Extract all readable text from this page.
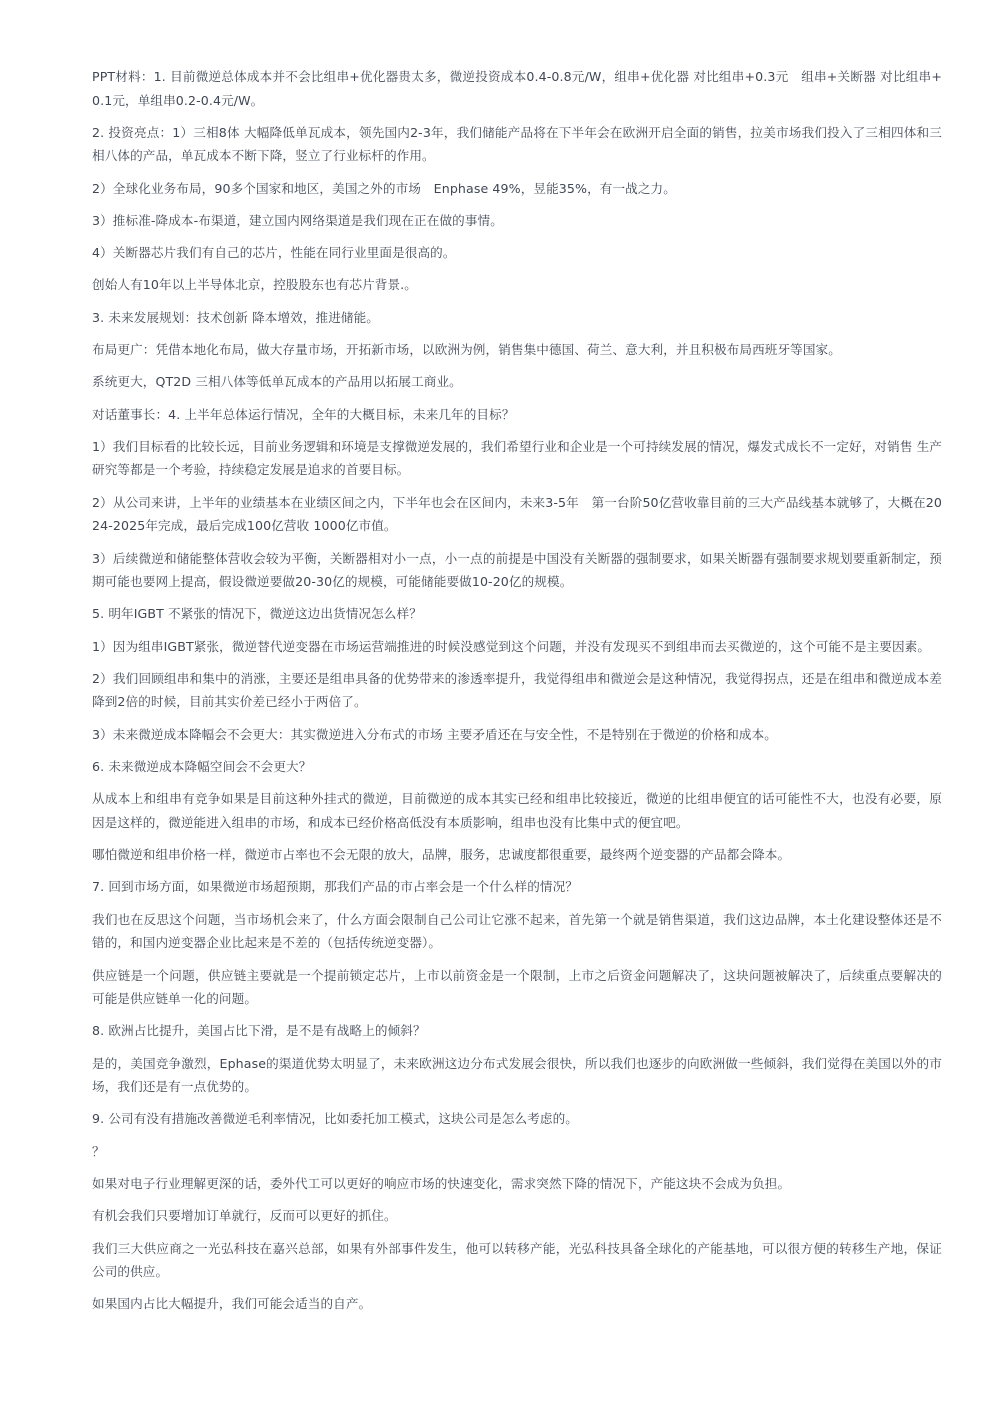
PPT材料：1. 目前微逆总体成本并不会比组串+优化器贵太多，微逆投资成本0.4-0.8元/W，组串+优化器 对比组串+0.3元　组串+关断器 对比组串+0.1元，单组串0.2-0.4元/W。

2. 投资亮点：1）三相8体 大幅降低单瓦成本，领先国内2-3年，我们储能产品将在下半年会在欧洲开启全面的销售，拉美市场我们投入了三相四体和三相八体的产品，单瓦成本不断下降，竖立了行业标杆的作用。

2）全球化业务布局，90多个国家和地区，美国之外的市场　Enphase 49%，昱能35%，有一战之力。

3）推标准-降成本-布渠道，建立国内网络渠道是我们现在正在做的事情。

4）关断器芯片我们有自己的芯片，性能在同行业里面是很高的。

创始人有10年以上半导体北京，控股股东也有芯片背景.。

3. 未来发展规划：技术创新 降本增效，推进储能。

布局更广：凭借本地化布局，做大存量市场，开拓新市场，以欧洲为例，销售集中德国、荷兰、意大利，并且积极布局西班牙等国家。

系统更大，QT2D 三相八体等低单瓦成本的产品用以拓展工商业。

对话董事长：4. 上半年总体运行情况，全年的大概目标，未来几年的目标？

1）我们目标看的比较长远，目前业务逻辑和环境是支撑微逆发展的，我们希望行业和企业是一个可持续发展的情况，爆发式成长不一定好，对销售 生产 研究等都是一个考验，持续稳定发展是追求的首要目标。

2）从公司来讲，上半年的业绩基本在业绩区间之内，下半年也会在区间内，未来3-5年　第一台阶50亿营收靠目前的三大产品线基本就够了，大概在2024-2025年完成，最后完成100亿营收 1000亿市值。

3）后续微逆和储能整体营收会较为平衡，关断器相对小一点，小一点的前提是中国没有关断器的强制要求，如果关断器有强制要求规划要重新制定，预期可能也要网上提高，假设微逆要做20-30亿的规模，可能储能要做10-20亿的规模。

5. 明年IGBT 不紧张的情况下，微逆这边出货情况怎么样？

1）因为组串IGBT紧张，微逆替代逆变器在市场运营端推进的时候没感觉到这个问题，并没有发现买不到组串而去买微逆的，这个可能不是主要因素。

2）我们回顾组串和集中的消涨，主要还是组串具备的优势带来的渗透率提升，我觉得组串和微逆会是这种情况，我觉得拐点，还是在组串和微逆成本差降到2倍的时候，目前其实价差已经小于两倍了。

3）未来微逆成本降幅会不会更大：其实微逆进入分布式的市场 主要矛盾还在与安全性，不是特别在于微逆的价格和成本。

6. 未来微逆成本降幅空间会不会更大？

从成本上和组串有竞争如果是目前这种外挂式的微逆，目前微逆的成本其实已经和组串比较接近，微逆的比组串便宜的话可能性不大，也没有必要，原因是这样的，微逆能进入组串的市场，和成本已经价格高低没有本质影响，组串也没有比集中式的便宜吧。

哪怕微逆和组串价格一样，微逆市占率也不会无限的放大，品牌，服务，忠诚度都很重要，最终两个逆变器的产品都会降本。

7. 回到市场方面，如果微逆市场超预期，那我们产品的市占率会是一个什么样的情况？

我们也在反思这个问题，当市场机会来了，什么方面会限制自己公司让它涨不起来，首先第一个就是销售渠道，我们这边品牌，本土化建设整体还是不错的，和国内逆变器企业比起来是不差的（包括传统逆变器）。

供应链是一个问题，供应链主要就是一个提前锁定芯片，上市以前资金是一个限制，上市之后资金问题解决了，这块问题被解决了，后续重点要解决的可能是供应链单一化的问题。

8. 欧洲占比提升，美国占比下滑，是不是有战略上的倾斜？

是的，美国竞争激烈，Ephase的渠道优势太明显了，未来欧洲这边分布式发展会很快，所以我们也逐步的向欧洲做一些倾斜，我们觉得在美国以外的市场，我们还是有一点优势的。

9. 公司有没有措施改善微逆毛利率情况，比如委托加工模式，这块公司是怎么考虑的。

？

如果对电子行业理解更深的话，委外代工可以更好的响应市场的快速变化，需求突然下降的情况下，产能这块不会成为负担。

有机会我们只要增加订单就行，反而可以更好的抓住。

我们三大供应商之一光弘科技在嘉兴总部，如果有外部事件发生，他可以转移产能，光弘科技具备全球化的产能基地，可以很方便的转移生产地，保证公司的供应。

如果国内占比大幅提升，我们可能会适当的自产。
